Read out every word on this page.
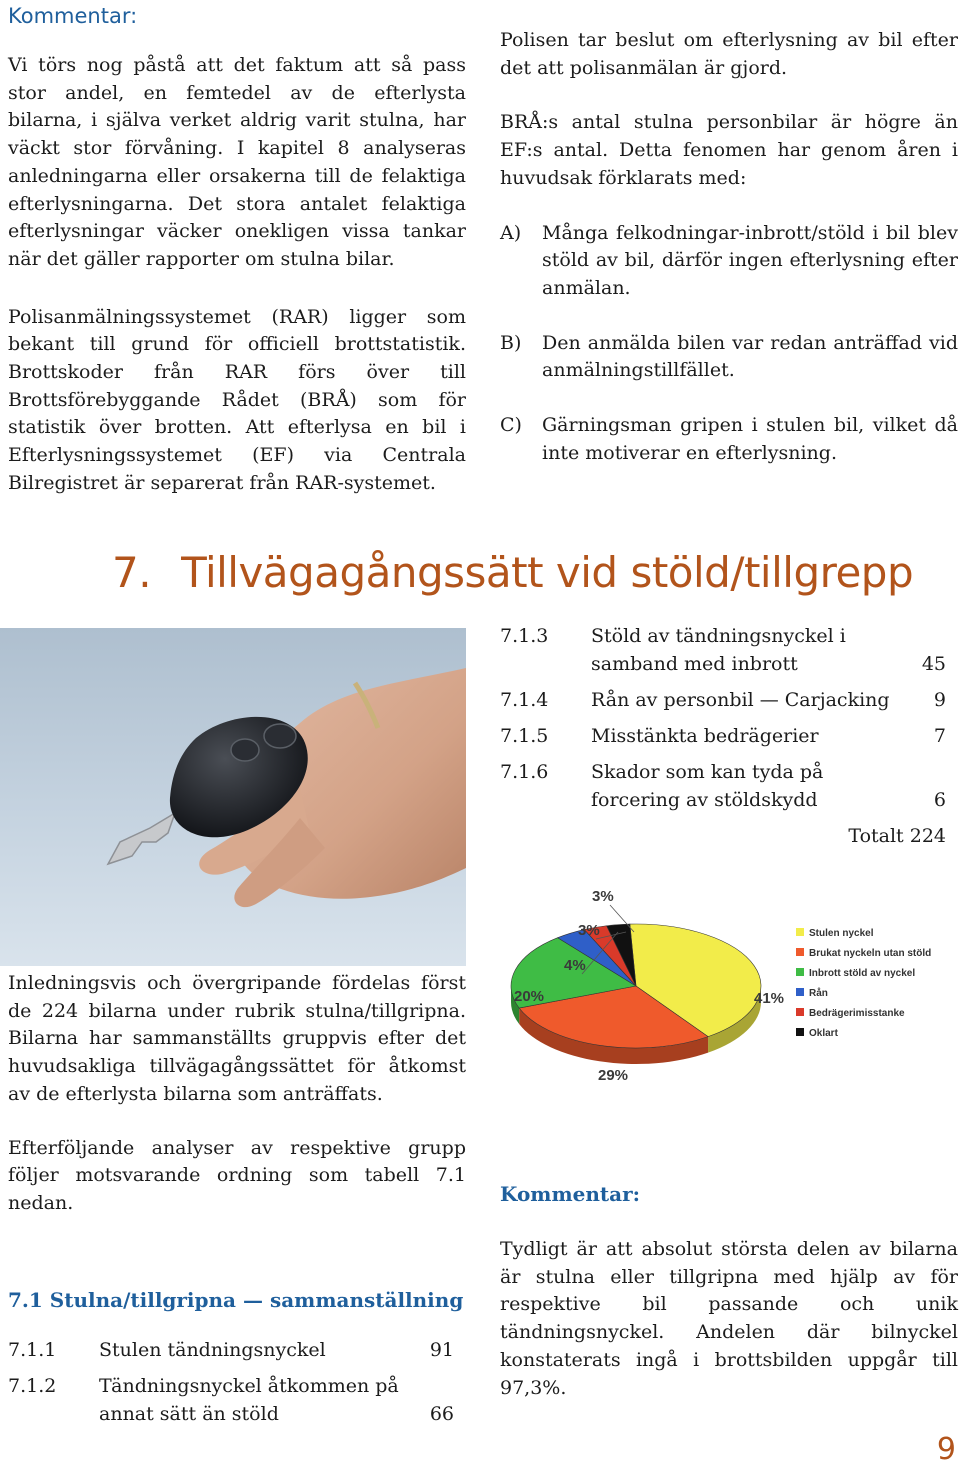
Kommentar:

Vi törs nog påstå att det faktum att så pass stor andel, en femtedel av de efterlysta bilarna, i själva verket aldrig varit stulna, har väckt stor förvåning. I kapitel 8 analyseras anledningarna eller orsakerna till de felaktiga efterlysningarna. Det stora antalet felaktiga efterlysningar väcker onekligen vissa tankar när det gäller rapporter om stulna bilar.

Polisanmälningssystemet (RAR) ligger som bekant till grund för officiell brottstatistik. Brottskoder från RAR förs över till Brottsförebyggande Rådet (BRÅ) som för statistik över brotten. Att efterlysa en bil i Efterlysningssystemet (EF) via Centrala Bilregistret är separerat från RAR-systemet.

Polisen tar beslut om efterlysning av bil efter det att polisanmälan är gjord.

BRÅ:s antal stulna personbilar är högre än EF:s antal. Detta fenomen har genom åren i huvudsak förklarats med:

A) Många felkodningar-inbrott/stöld i bil blev stöld av bil, därför ingen efterlysning efter anmälan.
B) Den anmälda bilen var redan anträffad vid anmälningstillfället.
C) Gärningsman gripen i stulen bil, vilket då inte motiverar en efterlysning.
7. Tillvägagångssätt vid stöld/tillgrepp
7.1.3 Stöld av tändningsnyckel i
samband med inbrott	45
7.1.4 Rån av personbil — Carjacking 9
7.1.5 Misstänkta bedrägerier	7
7.1.6 Skador som kan tyda på
forcering av stöldskydd	6
Totalt 224
41%
29%
20%
4%
3%
3%
Stulen nyckel
Brukat nyckeln utan stöld
Inbrott stöld av nyckel
Rån
Bedrägerimisstanke
Oklart

Inledningsvis och övergripande fördelas först de 224 bilarna under rubrik stulna/tillgripna. Bilarna har sammanställts gruppvis efter det huvudsakliga tillvägagångssättet för åtkomst av de efterlysta bilarna som anträffats.

Efterföljande analyser av respektive grupp följer motsvarande ordning som tabell 7.1 nedan.

7.1 Stulna/tillgripna — sammanställning
7.1.1 Stulen tändningsnyckel	91
7.1.2 Tändningsnyckel åtkommen på
annat sätt än stöld	66
Kommentar:

Tydligt är att absolut största delen av bilarna är stulna eller tillgripna med hjälp av för respektive bil passande och unik tändningsnyckel. Andelen där bilnyckel konstaterats ingå i brottsbilden uppgår till 97,3%.

9
